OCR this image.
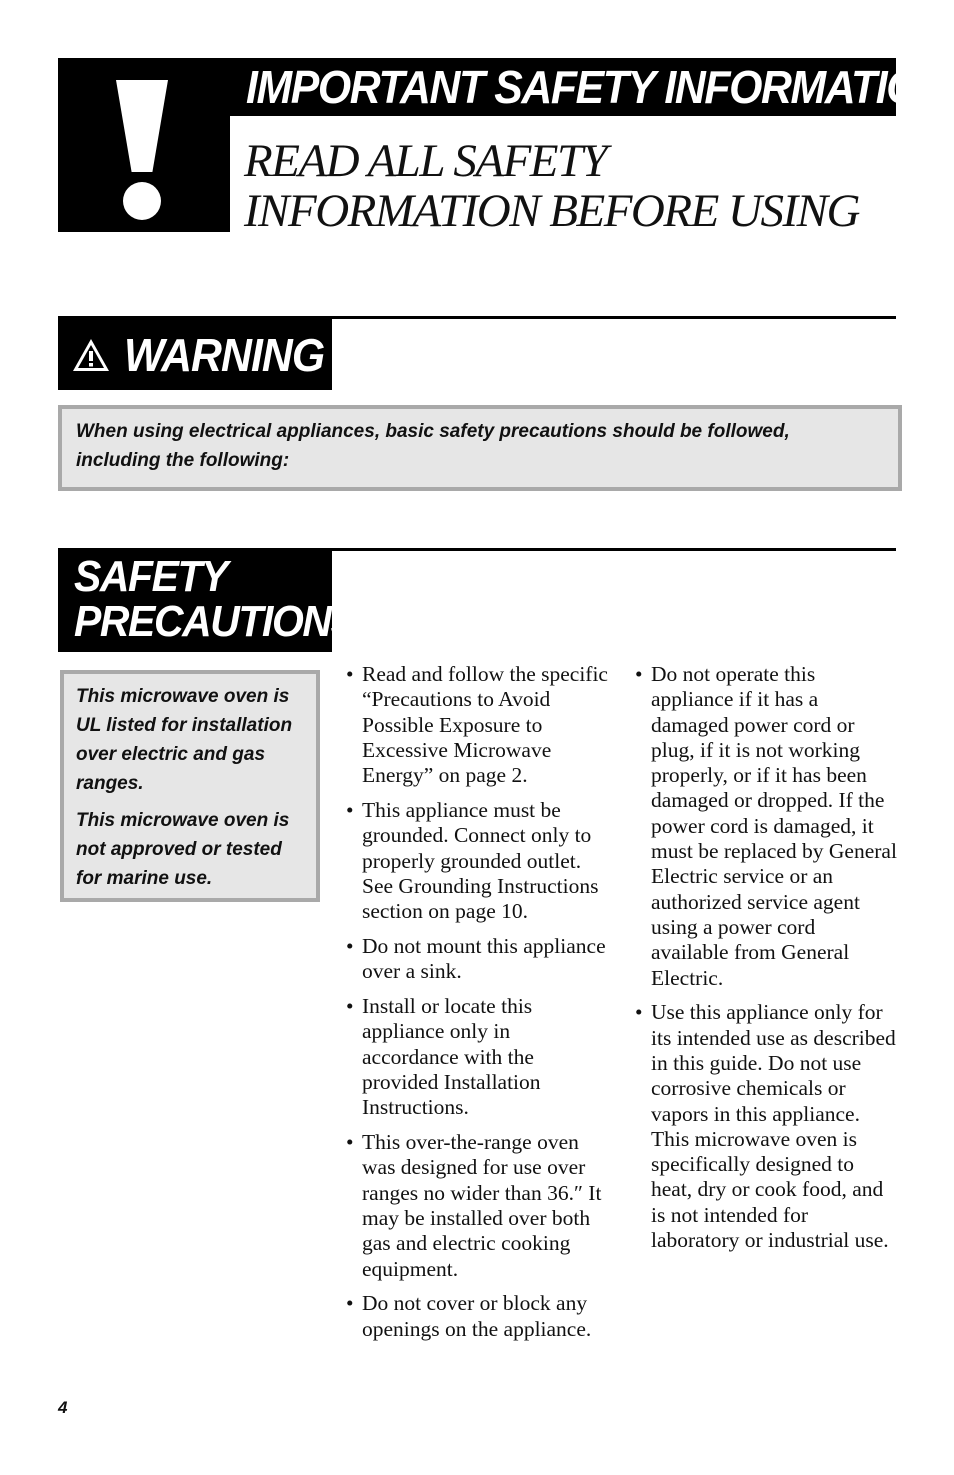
IMPORTANT SAFETY INFORMATION
READ ALL SAFETY
INFORMATION BEFORE USING
WARNING
When using electrical appliances, basic safety precautions should be followed, including the following:
SAFETY
PRECAUTIONS

This microwave oven is UL listed for installation over electric and gas ranges.

This microwave oven is not approved or tested for marine use.

• Read and follow the specific “Precautions to Avoid Possible Exposure to Excessive Microwave Energy” on page 2.
• This appliance must be grounded. Connect only to properly grounded outlet. See Grounding Instructions section on page 10.
• Do not mount this appliance over a sink.
• Install or locate this appliance only in accordance with the provided Installation Instructions.
• This over-the-range oven was designed for use over ranges no wider than 36.″ It may be installed over both gas and electric cooking equipment.
• Do not cover or block any openings on the appliance.
• Do not operate this appliance if it has a damaged power cord or plug, if it is not working properly, or if it has been damaged or dropped. If the power cord is damaged, it must be replaced by General Electric service or an authorized service agent using a power cord available from General Electric.
• Use this appliance only for its intended use as described in this guide. Do not use corrosive chemicals or vapors in this appliance. This microwave oven is specifically designed to heat, dry or cook food, and is not intended for laboratory or industrial use.
4
